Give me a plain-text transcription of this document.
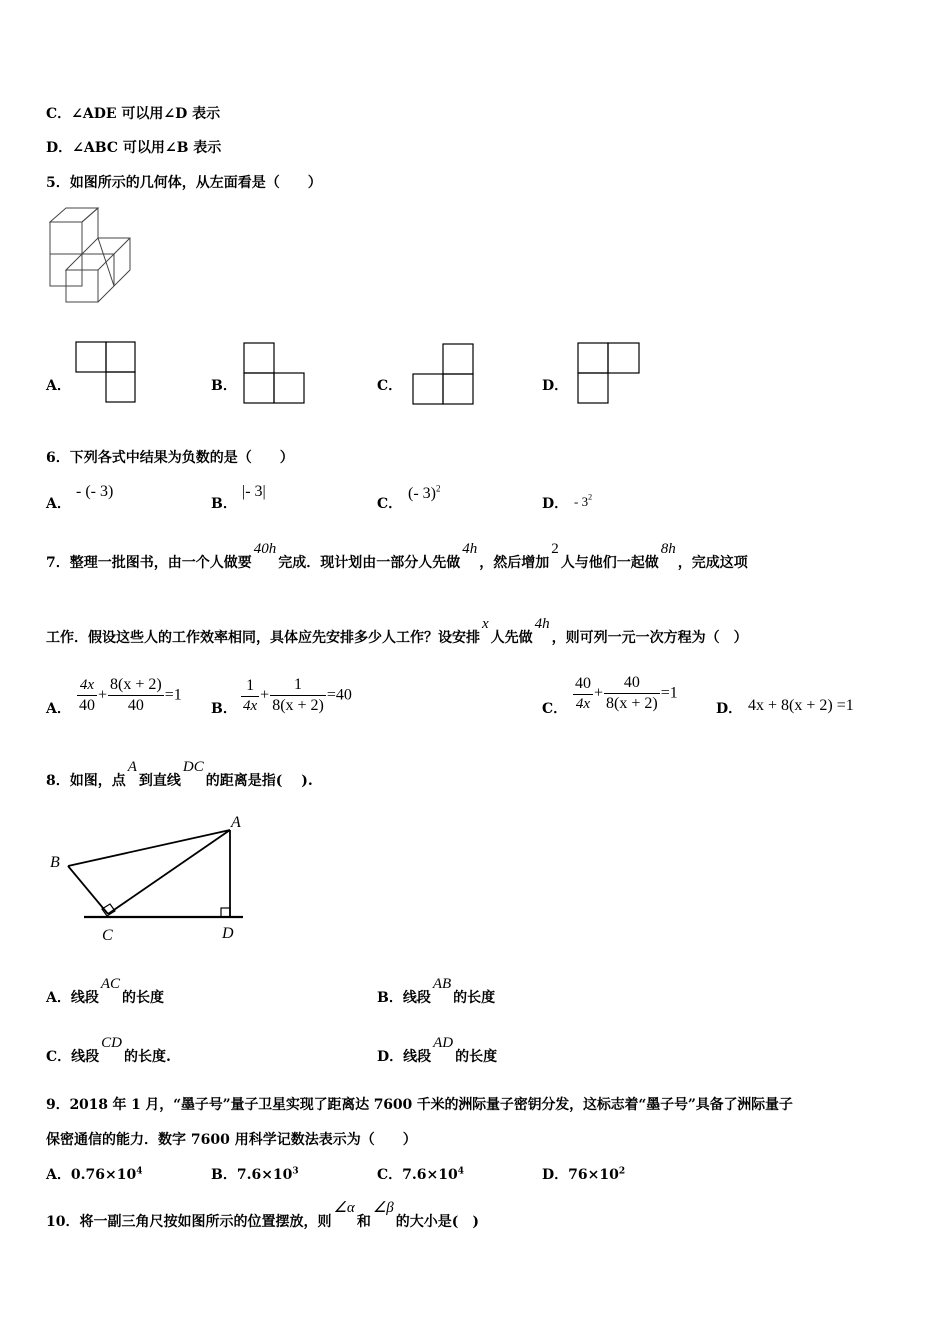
C．∠ADE 可以用∠D 表示
D．∠ABC 可以用∠B 表示
5．如图所示的几何体，从左面看是（　　）
A．	B．	C．	D．
6．下列各式中结果为负数的是（　　）
A．
- (- 3)
B．
|- 3|
C．
(- 3)$^2$
D． - $3^2$
7．整理一批图书，由一个人做要40h完成．现计划由一部分人先做4h，然后增加2人与他们一起做8h，完成这项
工作．假设这些人的工作效率相同，具体应先安排多少人工作？设安排x人先做4h，则可列一元一次方程为（　）
A． $\frac{4x}{40} + \frac{8(x + 2)}{40} =1$
B． $\frac{1}{4x} + \frac{1}{8(x + 2)} =40$
C． $\frac{40}{4x} + \frac{40}{8(x + 2)} =1$
D． 4x + 8(x + 2) =1
8．如图，点A到直线DC的距离是指(　 ).
A
B
C	D
A．线段AC的长度	B．线段AB的长度
C．线段CD的长度.	D．线段AD的长度
9．2018 年 1 月，“墨子号”量子卫星实现了距离达 7600 千米的洲际量子密钥分发，这标志着“墨子号”具备了洲际量子
保密通信的能力．数字 7600 用科学记数法表示为（　　）
A．$0.76\times 10^4$	B．$7.6\times 10^3$	C．$7.6\times 10^4$	D．$76\times 10^2$
10．将一副三角尺按如图所示的位置摆放，则∠α和∠β的大小是(　)
